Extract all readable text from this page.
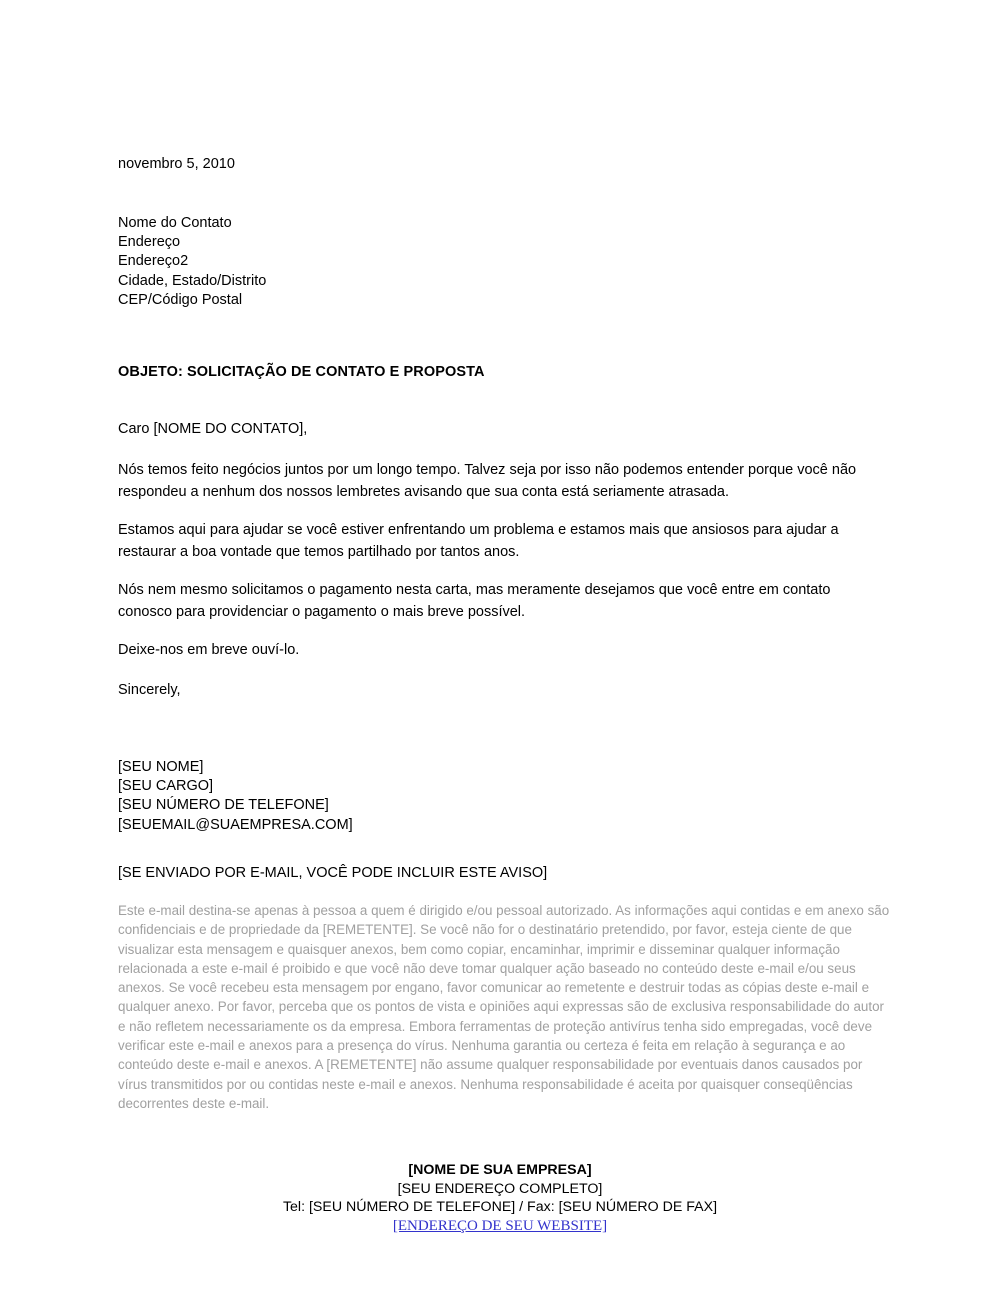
novembro 5, 2010
Nome do Contato
Endereço
Endereço2
Cidade, Estado/Distrito
CEP/Código Postal
OBJETO: SOLICITAÇÃO DE CONTATO E PROPOSTA
Caro [NOME DO CONTATO],

Nós temos feito negócios juntos por um longo tempo. Talvez seja por isso não podemos entender porque você não respondeu a nenhum dos nossos lembretes avisando que sua conta está seriamente atrasada.

Estamos aqui para ajudar se você estiver enfrentando um problema e estamos mais que ansiosos para ajudar a restaurar a boa vontade que temos partilhado por tantos anos.

Nós nem mesmo solicitamos o pagamento nesta carta, mas meramente desejamos que você entre em contato conosco para providenciar o pagamento o mais breve possível.

Deixe-nos em breve ouví-lo.

Sincerely,
[SEU NOME]
[SEU CARGO]
[SEU NÚMERO DE TELEFONE]
[SEUEMAIL@SUAEMPRESA.COM]
[SE ENVIADO POR E-MAIL, VOCÊ PODE INCLUIR ESTE AVISO]
Este e-mail destina-se apenas à pessoa a quem é dirigido e/ou pessoal autorizado. As informações aqui contidas e em anexo são confidenciais e de propriedade da [REMETENTE]. Se você não for o destinatário pretendido, por favor, esteja ciente de que visualizar esta mensagem e quaisquer anexos, bem como copiar, encaminhar, imprimir e disseminar qualquer informação relacionada a este e-mail é proibido e que você não deve tomar qualquer ação baseado no conteúdo deste e-mail e/ou seus anexos. Se você recebeu esta mensagem por engano, favor comunicar ao remetente e destruir todas as cópias deste e-mail e qualquer anexo. Por favor, perceba que os pontos de vista e opiniões aqui expressas são de exclusiva responsabilidade do autor e não refletem necessariamente os da empresa. Embora ferramentas de proteção antivírus tenha sido empregadas, você deve verificar este e-mail e anexos para a presença do vírus. Nenhuma garantia ou certeza é feita em relação à segurança e ao conteúdo deste e-mail e anexos. A [REMETENTE] não assume qualquer responsabilidade por eventuais danos causados por vírus transmitidos por ou contidas neste e-mail e anexos. Nenhuma responsabilidade é aceita por quaisquer conseqüências decorrentes deste e-mail.
[NOME DE SUA EMPRESA]
[SEU ENDEREÇO COMPLETO]
Tel: [SEU NÚMERO DE TELEFONE] / Fax: [SEU NÚMERO DE FAX]
[ENDEREÇO DE SEU WEBSITE]
